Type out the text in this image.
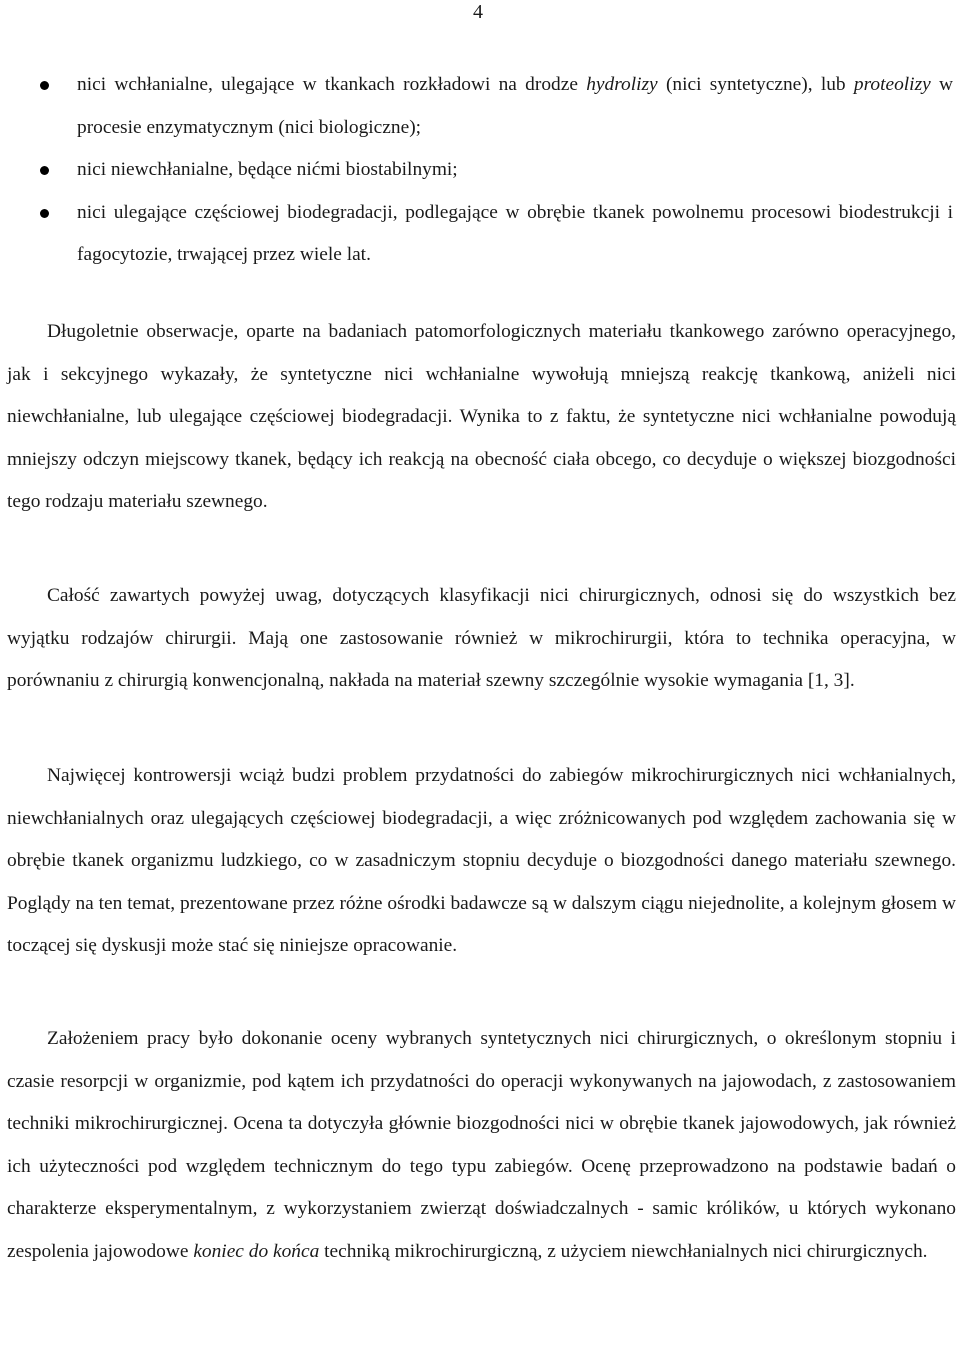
4
nici wchłanialne, ulegające w tkankach rozkładowi na drodze hydrolizy (nici syntetyczne), lub proteolizy w procesie enzymatycznym (nici biologiczne);
nici niewchłanialne, będące nićmi biostabilnymi;
nici ulegające częściowej biodegradacji, podlegające w obrębie tkanek powolnemu procesowi biodestrukcji i fagocytozie, trwającej przez wiele lat.

Długoletnie obserwacje, oparte na badaniach patomorfologicznych materiału tkankowego zarówno operacyjnego, jak i sekcyjnego wykazały, że syntetyczne nici wchłanialne wywołują mniejszą reakcję tkankową, aniżeli nici niewchłanialne, lub ulegające częściowej biodegradacji. Wynika to z faktu, że syntetyczne nici wchłanialne powodują mniejszy odczyn miejscowy tkanek, będący ich reakcją na obecność ciała obcego, co decyduje o większej biozgodności tego rodzaju materiału szewnego.

Całość zawartych powyżej uwag, dotyczących klasyfikacji nici chirurgicznych, odnosi się do wszystkich bez wyjątku rodzajów chirurgii. Mają one zastosowanie również w mikrochirurgii, która to technika operacyjna, w porównaniu z chirurgią konwencjonalną, nakłada na materiał szewny szczególnie wysokie wymagania [1, 3].

Najwięcej kontrowersji wciąż budzi problem przydatności do zabiegów mikrochirurgicznych nici wchłanialnych, niewchłanialnych oraz ulegających częściowej biodegradacji, a więc zróżnicowanych pod względem zachowania się w obrębie tkanek organizmu ludzkiego, co w zasadniczym stopniu decyduje o biozgodności danego materiału szewnego. Poglądy na ten temat, prezentowane przez różne ośrodki badawcze są w dalszym ciągu niejednolite, a kolejnym głosem w toczącej się dyskusji może stać się niniejsze opracowanie.

Założeniem pracy było dokonanie oceny wybranych syntetycznych nici chirurgicznych, o określonym stopniu i czasie resorpcji w organizmie, pod kątem ich przydatności do operacji wykonywanych na jajowodach, z zastosowaniem techniki mikrochirurgicznej. Ocena ta dotyczyła głównie biozgodności nici w obrębie tkanek jajowodowych, jak również ich użyteczności pod względem technicznym do tego typu zabiegów. Ocenę przeprowadzono na podstawie badań o charakterze eksperymentalnym, z wykorzystaniem zwierząt doświadczalnych - samic królików, u których wykonano zespolenia jajowodowe koniec do końca techniką mikrochirurgiczną, z użyciem niewchłanialnych nici chirurgicznych.
